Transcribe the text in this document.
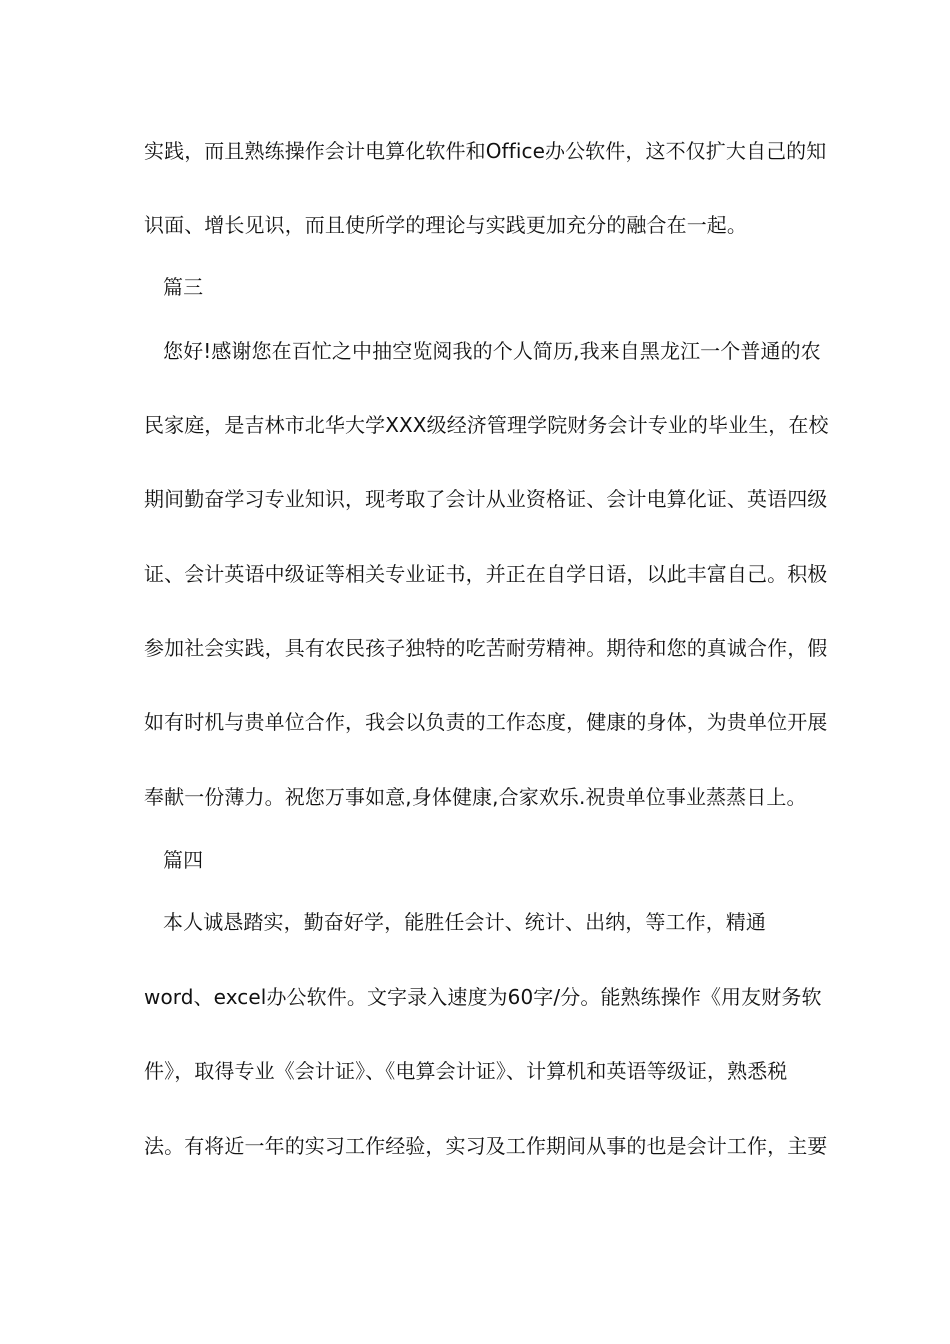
实践，而且熟练操作会计电算化软件和Office办公软件，这不仅扩大自己的知
识面、增长见识，而且使所学的理论与实践更加充分的融合在一起。
篇三
您好!感谢您在百忙之中抽空览阅我的个人简历,我来自黑龙江一个普通的农
民家庭，是吉林市北华大学XXX级经济管理学院财务会计专业的毕业生，在校
期间勤奋学习专业知识，现考取了会计从业资格证、会计电算化证、英语四级
证、会计英语中级证等相关专业证书，并正在自学日语，以此丰富自己。积极
参加社会实践，具有农民孩子独特的吃苦耐劳精神。期待和您的真诚合作，假
如有时机与贵单位合作，我会以负责的工作态度，健康的身体，为贵单位开展
奉献一份薄力。祝您万事如意,身体健康,合家欢乐.祝贵单位事业蒸蒸日上。
篇四
本人诚恳踏实，勤奋好学，能胜任会计、统计、出纳，等工作，精通
word、excel办公软件。文字录入速度为60字/分。能熟练操作《用友财务软
件》，取得专业《会计证》、《电算会计证》、计算机和英语等级证，熟悉税
法。有将近一年的实习工作经验，实习及工作期间从事的也是会计工作，主要
